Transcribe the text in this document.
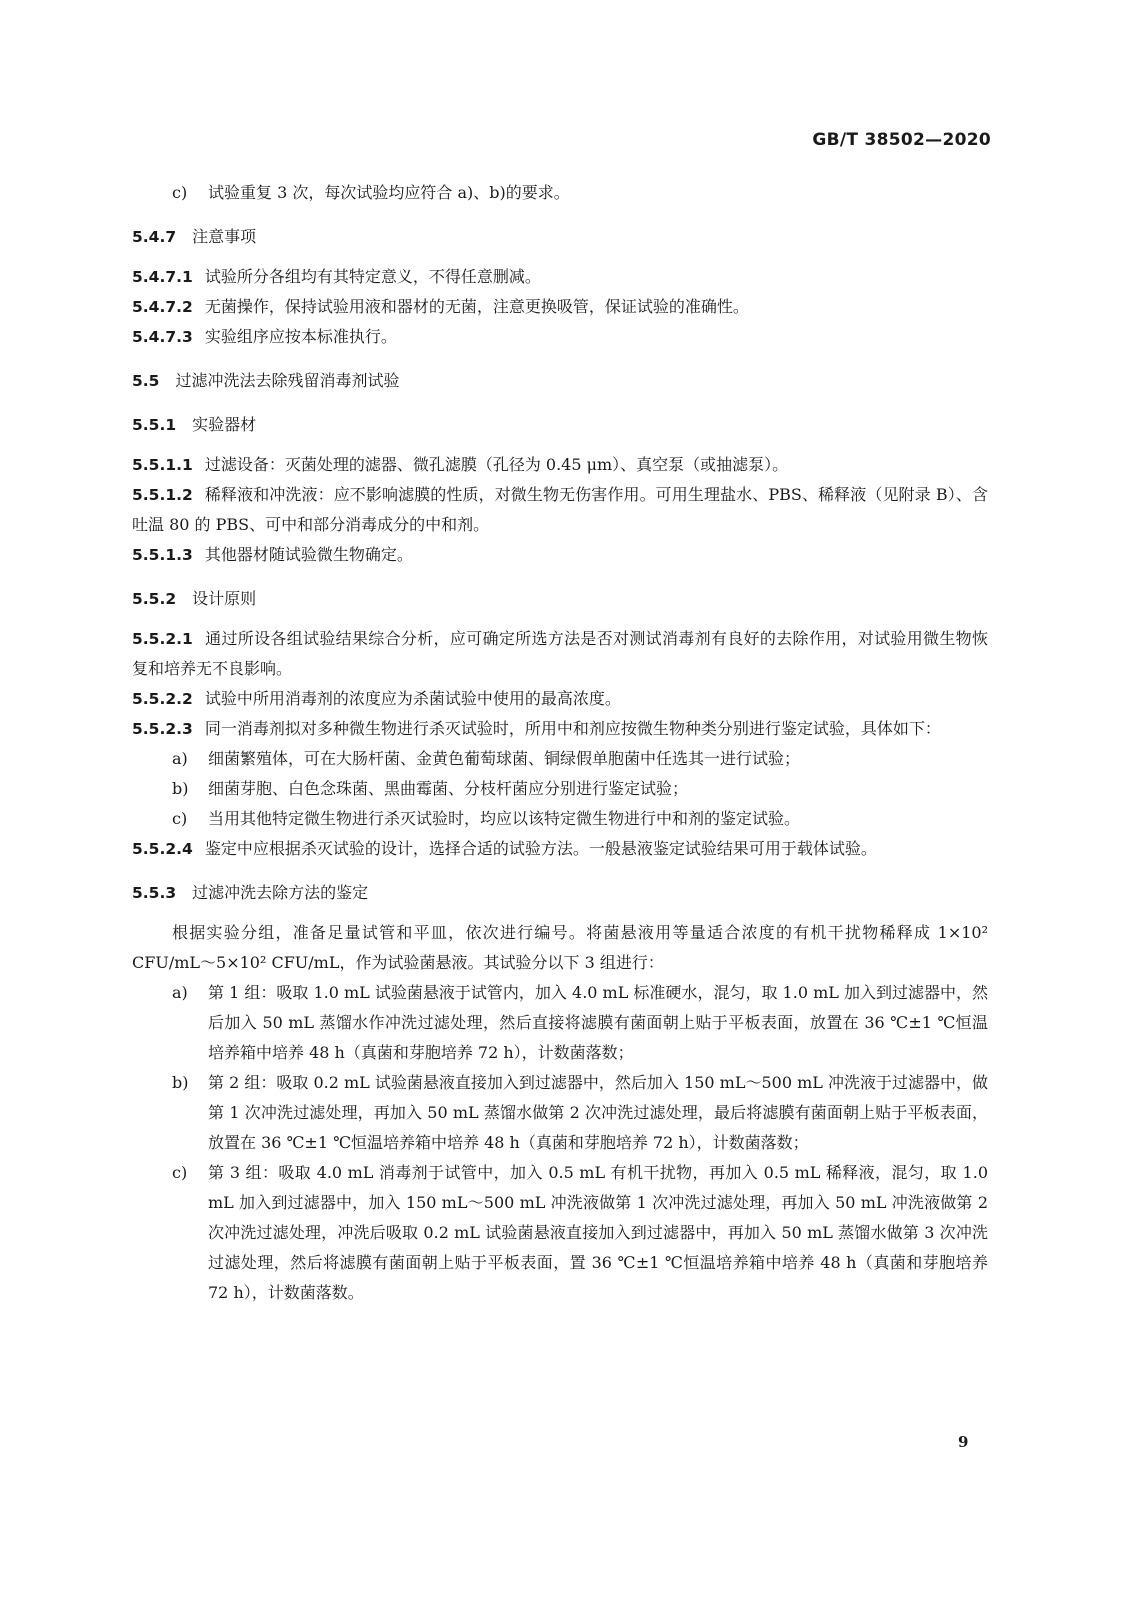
GB/T 38502—2020

c) 试验重复 3 次，每次试验均应符合 a)、b)的要求。

5.4.7 注意事项

5.4.7.1 试验所分各组均有其特定意义，不得任意删减。

5.4.7.2 无菌操作，保持试验用液和器材的无菌，注意更换吸管，保证试验的准确性。

5.4.7.3 实验组序应按本标准执行。

5.5 过滤冲洗法去除残留消毒剂试验

5.5.1 实验器材

5.5.1.1 过滤设备：灭菌处理的滤器、微孔滤膜（孔径为 0.45 μm）、真空泵（或抽滤泵）。

5.5.1.2 稀释液和冲洗液：应不影响滤膜的性质，对微生物无伤害作用。可用生理盐水、PBS、稀释液（见附录 B）、含吐温 80 的 PBS、可中和部分消毒成分的中和剂。

5.5.1.3 其他器材随试验微生物确定。

5.5.2 设计原则

5.5.2.1 通过所设各组试验结果综合分析，应可确定所选方法是否对测试消毒剂有良好的去除作用，对试验用微生物恢复和培养无不良影响。

5.5.2.2 试验中所用消毒剂的浓度应为杀菌试验中使用的最高浓度。

5.5.2.3 同一消毒剂拟对多种微生物进行杀灭试验时，所用中和剂应按微生物种类分别进行鉴定试验，具体如下：

a) 细菌繁殖体，可在大肠杆菌、金黄色葡萄球菌、铜绿假单胞菌中任选其一进行试验；

b) 细菌芽胞、白色念珠菌、黑曲霉菌、分枝杆菌应分别进行鉴定试验；

c) 当用其他特定微生物进行杀灭试验时，均应以该特定微生物进行中和剂的鉴定试验。

5.5.2.4 鉴定中应根据杀灭试验的设计，选择合适的试验方法。一般悬液鉴定试验结果可用于载体试验。

5.5.3 过滤冲洗去除方法的鉴定

根据实验分组，准备足量试管和平皿，依次进行编号。将菌悬液用等量适合浓度的有机干扰物稀释成 1×10² CFU/mL～5×10² CFU/mL，作为试验菌悬液。其试验分以下 3 组进行：

a) 第 1 组：吸取 1.0 mL 试验菌悬液于试管内，加入 4.0 mL 标准硬水，混匀，取 1.0 mL 加入到过滤器中，然后加入 50 mL 蒸馏水作冲洗过滤处理，然后直接将滤膜有菌面朝上贴于平板表面，放置在 36 ℃±1 ℃恒温培养箱中培养 48 h（真菌和芽胞培养 72 h），计数菌落数；

b) 第 2 组：吸取 0.2 mL 试验菌悬液直接加入到过滤器中，然后加入 150 mL～500 mL 冲洗液于过滤器中，做第 1 次冲洗过滤处理，再加入 50 mL 蒸馏水做第 2 次冲洗过滤处理，最后将滤膜有菌面朝上贴于平板表面，放置在 36 ℃±1 ℃恒温培养箱中培养 48 h（真菌和芽胞培养 72 h），计数菌落数；

c) 第 3 组：吸取 4.0 mL 消毒剂于试管中，加入 0.5 mL 有机干扰物，再加入 0.5 mL 稀释液，混匀，取 1.0 mL 加入到过滤器中，加入 150 mL～500 mL 冲洗液做第 1 次冲洗过滤处理，再加入 50 mL 冲洗液做第 2 次冲洗过滤处理，冲洗后吸取 0.2 mL 试验菌悬液直接加入到过滤器中，再加入 50 mL 蒸馏水做第 3 次冲洗过滤处理，然后将滤膜有菌面朝上贴于平板表面，置 36 ℃±1 ℃恒温培养箱中培养 48 h（真菌和芽胞培养 72 h），计数菌落数。

9
